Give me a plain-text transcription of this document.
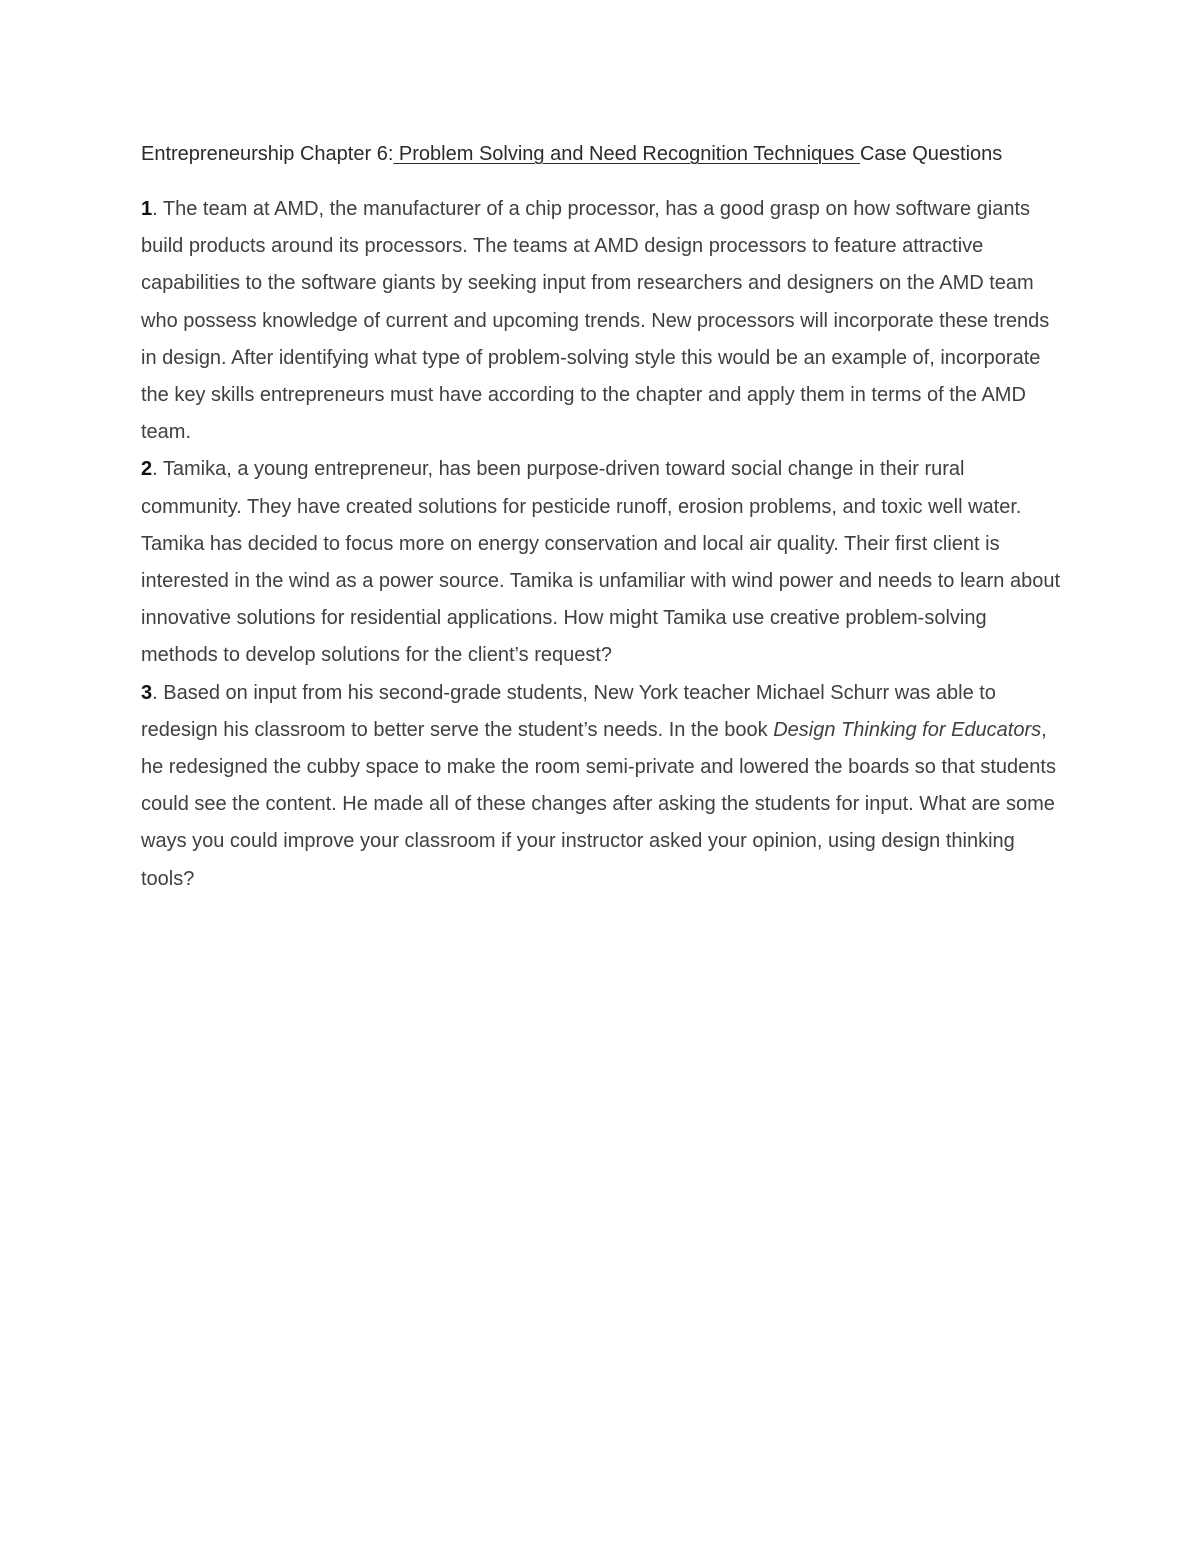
Entrepreneurship Chapter 6: Problem Solving and Need Recognition Techniques Case Questions

1. The team at AMD, the manufacturer of a chip processor, has a good grasp on how software giants build products around its processors. The teams at AMD design processors to feature attractive capabilities to the software giants by seeking input from researchers and designers on the AMD team who possess knowledge of current and upcoming trends. New processors will incorporate these trends in design. After identifying what type of problem-solving style this would be an example of, incorporate the key skills entrepreneurs must have according to the chapter and apply them in terms of the AMD team.

2. Tamika, a young entrepreneur, has been purpose-driven toward social change in their rural community. They have created solutions for pesticide runoff, erosion problems, and toxic well water. Tamika has decided to focus more on energy conservation and local air quality. Their first client is interested in the wind as a power source. Tamika is unfamiliar with wind power and needs to learn about innovative solutions for residential applications. How might Tamika use creative problem-solving methods to develop solutions for the client’s request?

3. Based on input from his second-grade students, New York teacher Michael Schurr was able to redesign his classroom to better serve the student’s needs. In the book Design Thinking for Educators, he redesigned the cubby space to make the room semi-private and lowered the boards so that students could see the content. He made all of these changes after asking the students for input. What are some ways you could improve your classroom if your instructor asked your opinion, using design thinking tools?
